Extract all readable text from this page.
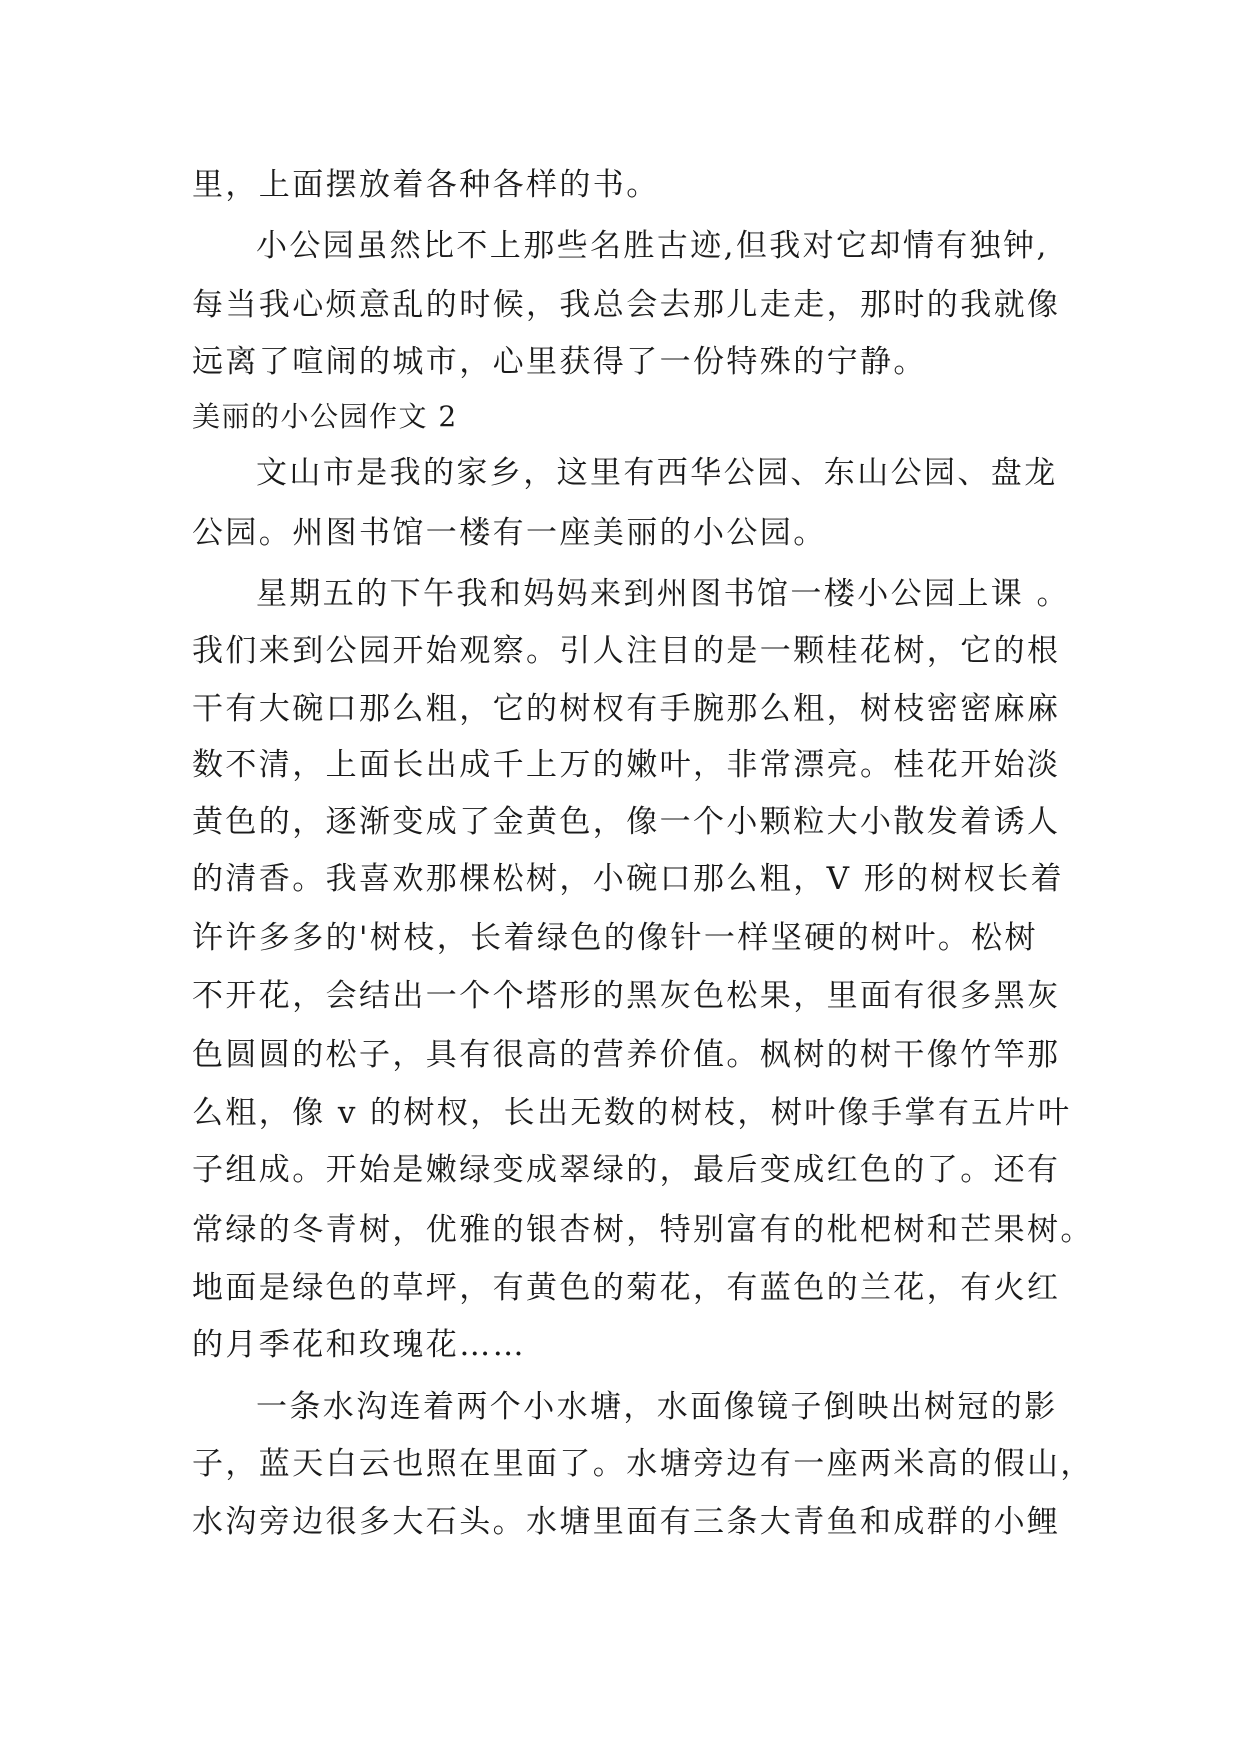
里，上面摆放着各种各样的书。
小公园虽然比不上那些名胜古迹,但我对它却情有独钟,
每当我心烦意乱的时候，我总会去那儿走走，那时的我就像
远离了喧闹的城市，心里获得了一份特殊的宁静。
美丽的小公园作文 2
文山市是我的家乡，这里有西华公园、东山公园、盘龙
公园。州图书馆一楼有一座美丽的小公园。
星期五的下午我和妈妈来到州图书馆一楼小公园上课 。
我们来到公园开始观察。引人注目的是一颗桂花树，它的根
干有大碗口那么粗，它的树杈有手腕那么粗，树枝密密麻麻
数不清，上面长出成千上万的嫩叶，非常漂亮。桂花开始淡
黄色的，逐渐变成了金黄色，像一个小颗粒大小散发着诱人
的清香。我喜欢那棵松树，小碗口那么粗，V 形的树杈长着
许许多多的'树枝，长着绿色的像针一样坚硬的树叶。松树
不开花，会结出一个个塔形的黑灰色松果，里面有很多黑灰
色圆圆的松子，具有很高的营养价值。枫树的树干像竹竿那
么粗，像 v 的树杈，长出无数的树枝，树叶像手掌有五片叶
子组成。开始是嫩绿变成翠绿的，最后变成红色的了。还有
常绿的冬青树，优雅的银杏树，特别富有的枇杷树和芒果树。
地面是绿色的草坪，有黄色的菊花，有蓝色的兰花，有火红
的月季花和玫瑰花……
一条水沟连着两个小水塘，水面像镜子倒映出树冠的影
子，蓝天白云也照在里面了。水塘旁边有一座两米高的假山，
水沟旁边很多大石头。水塘里面有三条大青鱼和成群的小鲤
